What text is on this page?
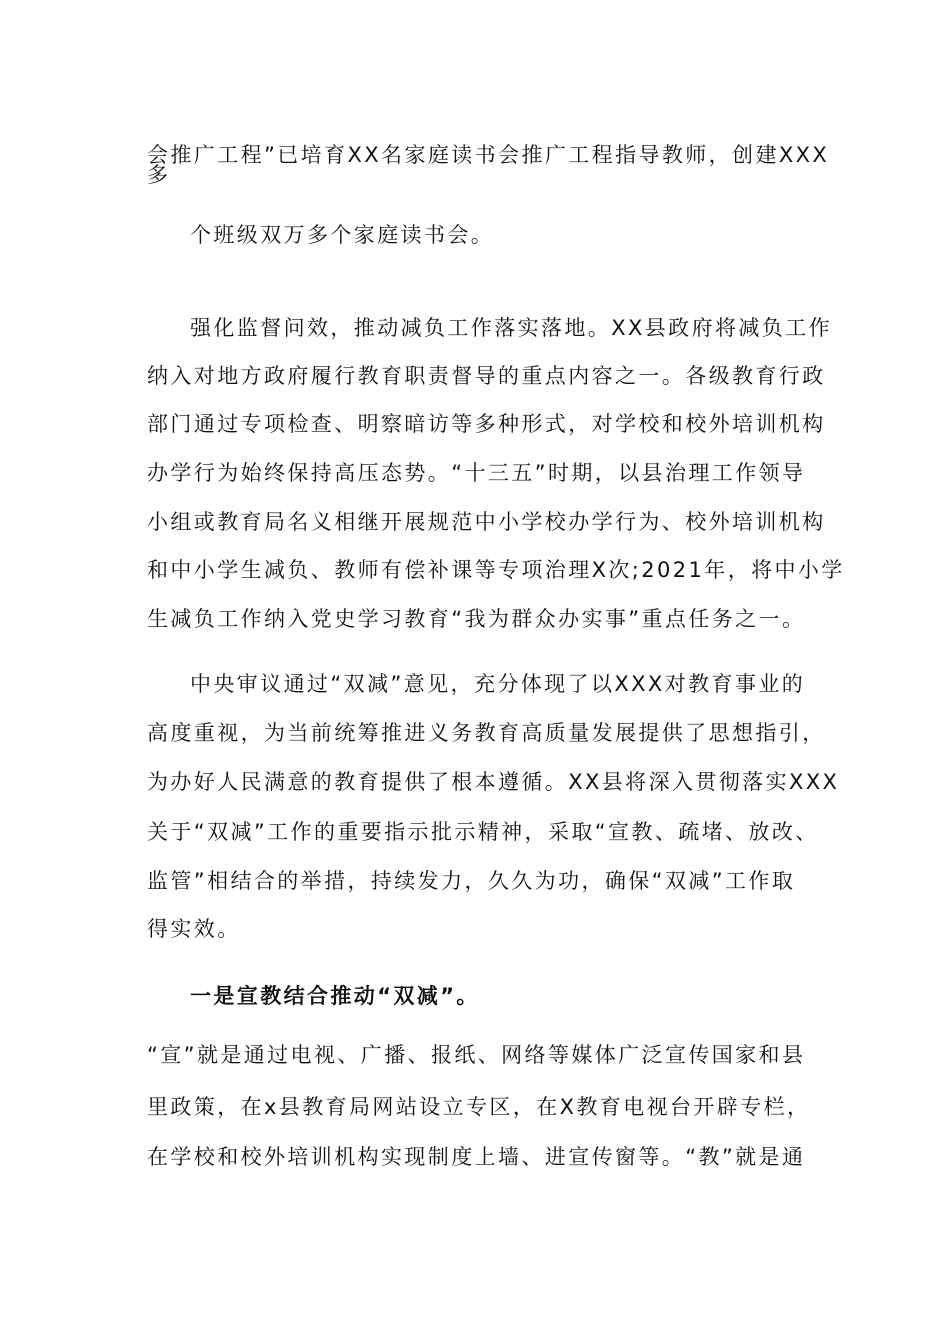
会推广工程”已培育XX名家庭读书会推广工程指导教师，创建XXX
多
个班级双万多个家庭读书会。
强化监督问效，推动减负工作落实落地。XX县政府将减负工作
纳入对地方政府履行教育职责督导的重点内容之一。各级教育行政
部门通过专项检查、明察暗访等多种形式，对学校和校外培训机构
办学行为始终保持高压态势。“十三五”时期，以县治理工作领导
小组或教育局名义相继开展规范中小学校办学行为、校外培训机构
和中小学生减负、教师有偿补课等专项治理X次;2021年，将中小学
生减负工作纳入党史学习教育“我为群众办实事”重点任务之一。
中央审议通过“双减”意见，充分体现了以XXX对教育事业的
高度重视，为当前统筹推进义务教育高质量发展提供了思想指引，
为办好人民满意的教育提供了根本遵循。XX县将深入贯彻落实XXX
关于“双减”工作的重要指示批示精神，采取“宣教、疏堵、放改、
监管”相结合的举措，持续发力，久久为功，确保“双减”工作取
得实效。
一是宣教结合推动“双减”。
“宣”就是通过电视、广播、报纸、网络等媒体广泛宣传国家和县
里政策，在x县教育局网站设立专区，在X教育电视台开辟专栏，
在学校和校外培训机构实现制度上墙、进宣传窗等。“教”就是通
